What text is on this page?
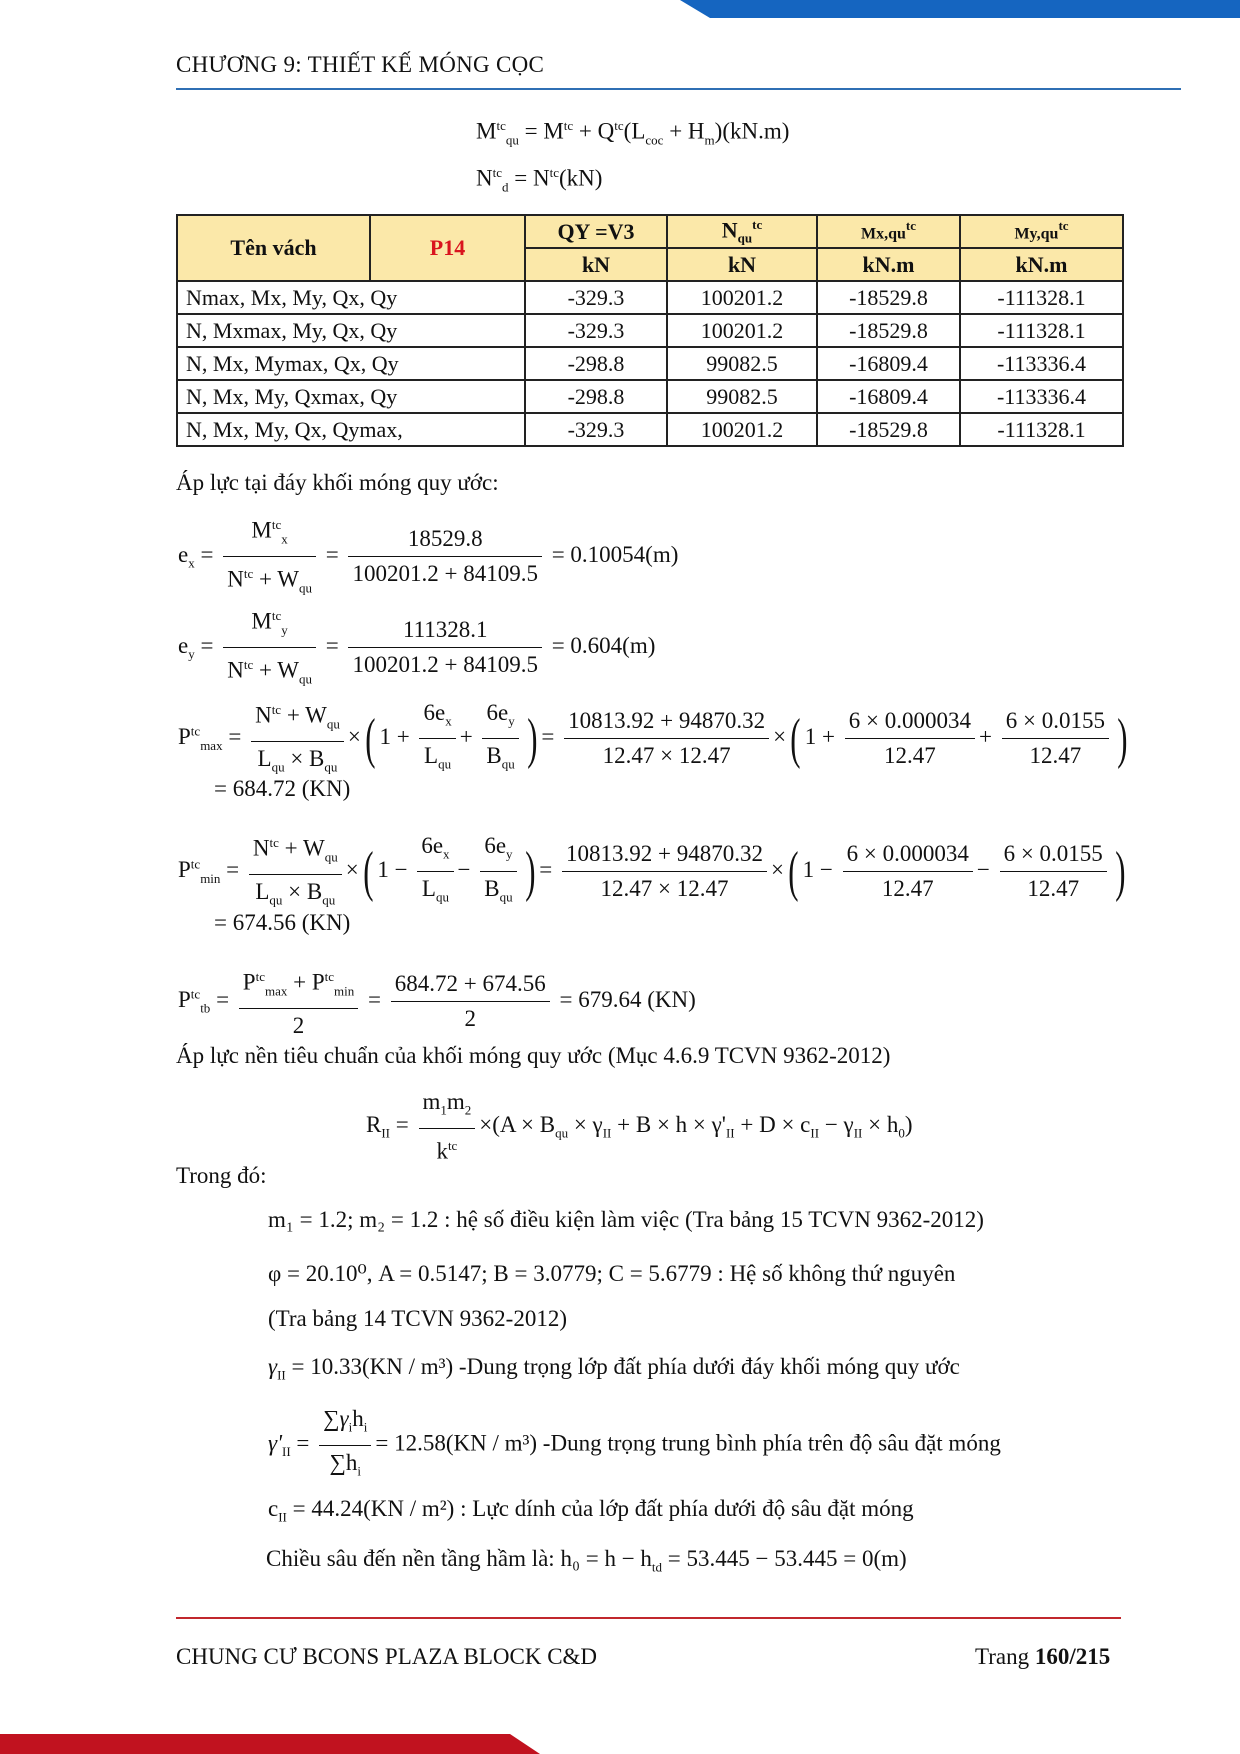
CHƯƠNG 9: THIẾT KẾ MÓNG CỌC
$M^{tc}_{qu} = M^{tc} + Q^{tc}(L_{coc} + H_m)(kN.m)$
$N^{tc}_d = N^{tc}(kN)$
Tên vách	P14	QY =V3	$N_{qu}^{tc}$	$Mx,qu^{tc}$	$My,qu^{tc}$
		kN	kN	kN.m	kN.m
Nmax, Mx, My, Qx, Qy		-329.3	100201.2	-18529.8	-111328.1
N, Mxmax, My, Qx, Qy		-329.3	100201.2	-18529.8	-111328.1
N, Mx, Mymax, Qx, Qy		-298.8	99082.5	-16809.4	-113336.4
N, Mx, My, Qxmax, Qy		-298.8	99082.5	-16809.4	-113336.4
N, Mx, My, Qx, Qymax,		-329.3	100201.2	-18529.8	-111328.1
Áp lực tại đáy khối móng quy ước:
$e_x = \frac{M^{tc}_x}{N^{tc} + W_{qu}} = \frac{18529.8}{100201.2 + 84109.5} = 0.10054(m)$
$e_y = \frac{M^{tc}_y}{N^{tc} + W_{qu}} = \frac{111328.1}{100201.2 + 84109.5} = 0.604(m)$
$P^{tc}_{max} = \frac{N^{tc} + W_{qu}}{L_{qu} \times B_{qu}}$ ×( $1 + \frac{6e_x}{L_{qu}} + \frac{6e_y}{B_{qu}}$ ) = $\frac{10813.92 + 94870.32}{12.47 \times 12.47}$ ×( $1 + \frac{6 \times 0.000034}{12.47} + \frac{6 \times 0.0155}{12.47}$ )
= 684.72 (KN)
$P^{tc}_{min} = \frac{N^{tc} + W_{qu}}{L_{qu} \times B_{qu}}$ ×( $1 - \frac{6e_x}{L_{qu}} - \frac{6e_y}{B_{qu}}$ ) = $\frac{10813.92 + 94870.32}{12.47 \times 12.47}$ ×( $1 - \frac{6 \times 0.000034}{12.47} - \frac{6 \times 0.0155}{12.47}$ )
= 674.56 (KN)
$P^{tc}_{tb} = \frac{P^{tc}_{max} + P^{tc}_{min}}{2} = \frac{684.72 + 674.56}{2} = 679.64$ (KN)
Áp lực nền tiêu chuẩn của khối móng quy ước (Mục 4.6.9 TCVN 9362-2012)
$R_{II} = \frac{m_1m_2}{k^{tc}} \times(A \times B_{qu} \times \gamma_{II} + B \times h \times \gamma'_{II} + D \times c_{II} - \gamma_{II} \times h_0)$
Trong đó:
m₁ = 1.2; m₂ = 1.2 : hệ số điều kiện làm việc (Tra bảng 15 TCVN 9362-2012)
φ = 20.10⁰, A = 0.5147; B = 3.0779; C = 5.6779 : Hệ số không thứ nguyên
(Tra bảng 14 TCVN 9362-2012)
$\gamma_{II} = 10.33(KN / m^3)$ -Dung trọng lớp đất phía dưới đáy khối móng quy ước
$\gamma'_{II} = \frac{\sum\gamma_ih_i}{\sum h_i} = 12.58(KN / m^3)$ -Dung trọng trung bình phía trên độ sâu đặt móng
$c_{II} = 44.24(KN / m^2)$ : Lực dính của lớp đất phía dưới độ sâu đặt móng
Chiều sâu đến nền tầng hầm là: $h_0 = h - h_{td} = 53.445 - 53.445 = 0(m)$
CHUNG CƯ BCONS PLAZA BLOCK C&D	Trang 160/215
